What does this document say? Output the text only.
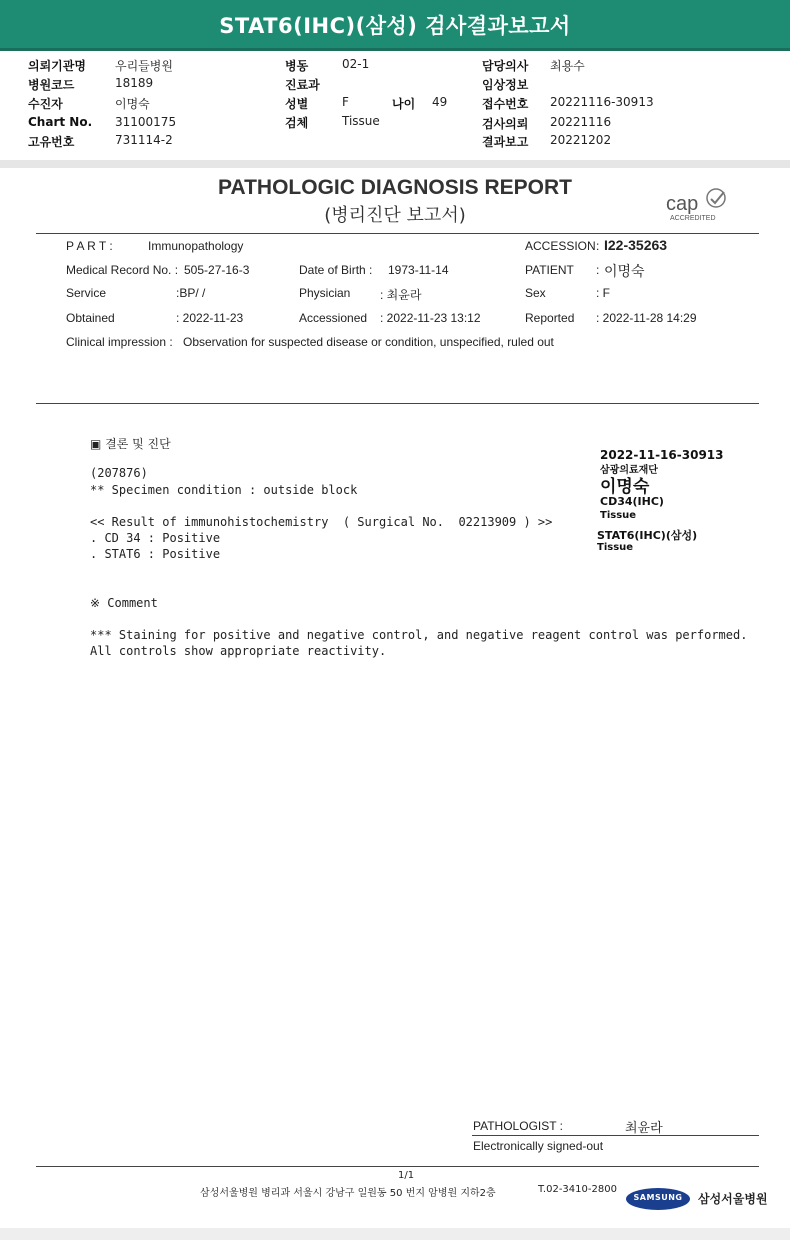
STAT6(IHC)(삼성) 검사결과보고서
의뢰기관명 우리들병원
병원코드	18189
수진자	이명숙
Chart No. 31100175
고유번호	731114-2
병동	02-1
진료과
성별	F	나이 49
검체	Tissue
담당의사 최용수
임상정보
접수번호 20221116-30913
검사의뢰 20221116
결과보고 20221202
PATHOLOGIC DIAGNOSIS REPORT
(병리진단 보고서)
cap
ACCREDITED
P A R T :	Immunopathology	ACCESSION : I22-35263
Medical Record No. : 505-27-16-3	Date of Birth : 1973-11-14	PATIENT : 이명숙
Service	:BP/ /	Physician : 최윤라	Sex	: F
Obtained	: 2022-11-23	Accessioned : 2022-11-23 13:12	Reported : 2022-11-28 14:29
Clinical impression : Observation for suspected disease or condition, unspecified, ruled out
▣ 결론 및 진단
(207876)
** Specimen condition : outside block
<< Result of immunohistochemistry  ( Surgical No.  02213909 ) >>
. CD 34 : Positive
. STAT6 : Positive
※ Comment
*** Staining for positive and negative control, and negative reagent control was performed.
All controls show appropriate reactivity.
2022-11-16-30913
삼광의료재단
이명숙
CD34(IHC)
Tissue
STAT6(IHC)(삼성)
Tissue
PATHOLOGIST :	최윤라
Electronically signed-out
1/1
삼성서울병원 병리과 서울시 강남구 일원동 50 번지 암병원 지하2층	T.02-3410-2800
SAMSUNG	삼성서울병원
